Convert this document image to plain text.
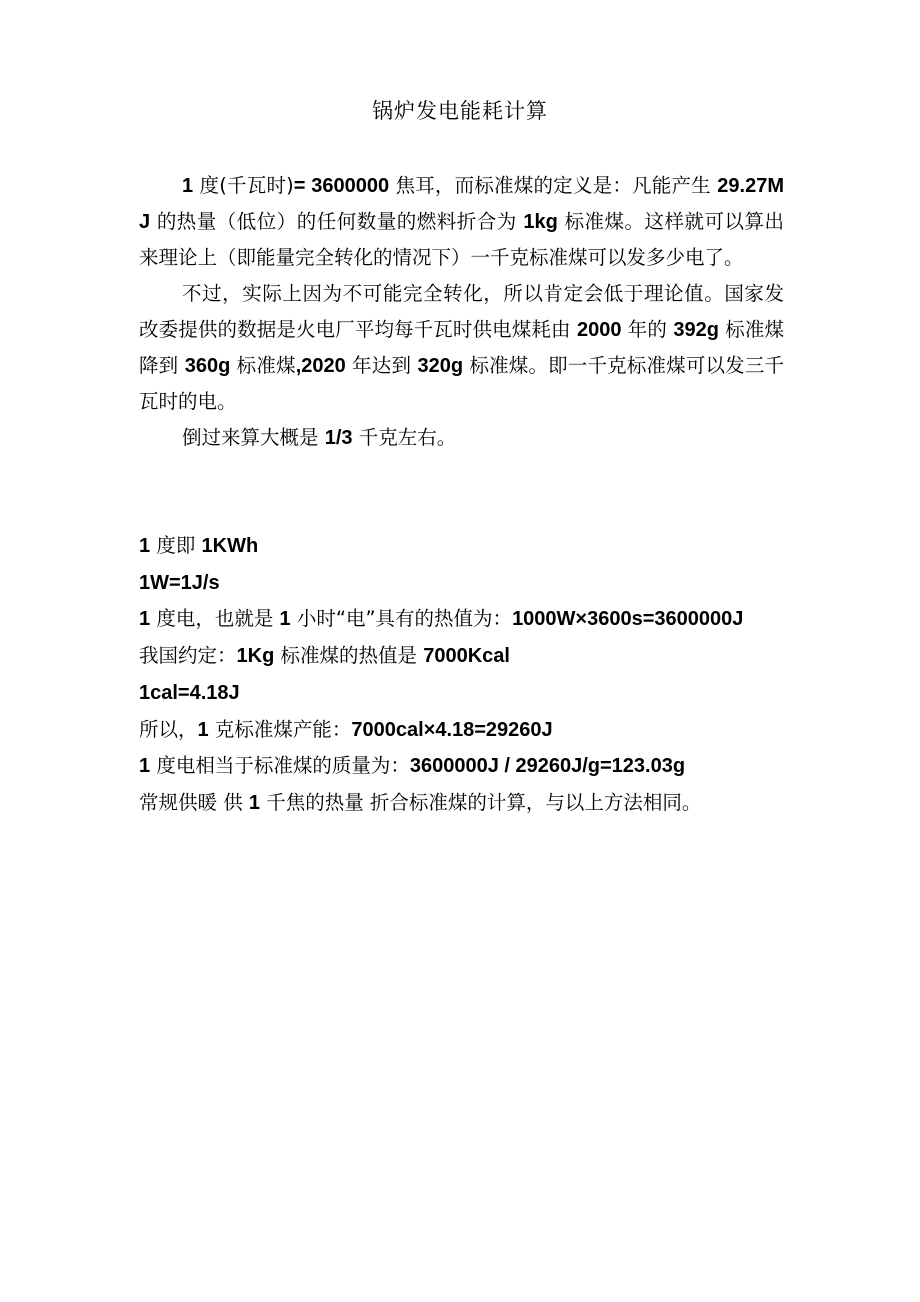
锅炉发电能耗计算

1 度(千瓦时)= 3600000 焦耳，而标准煤的定义是：凡能产生 29.27MJ 的热量（低位）的任何数量的燃料折合为 1kg 标准煤。这样就可以算出来理论上（即能量完全转化的情况下）一千克标准煤可以发多少电了。

不过，实际上因为不可能完全转化，所以肯定会低于理论值。国家发改委提供的数据是火电厂平均每千瓦时供电煤耗由 2000 年的 392g 标准煤降到 360g 标准煤,2020 年达到 320g 标准煤。即一千克标准煤可以发三千瓦时的电。

倒过来算大概是 1/3 千克左右。

1 度即 1KWh

1W=1J/s

1 度电，也就是 1 小时“电”具有的热值为：1000W×3600s=3600000J

我国约定：1Kg 标准煤的热值是 7000Kcal

1cal=4.18J

所以，1 克标准煤产能：7000cal×4.18=29260J

1 度电相当于标准煤的质量为：3600000J / 29260J/g=123.03g

常规供暖 供 1 千焦的热量 折合标准煤的计算，与以上方法相同。
